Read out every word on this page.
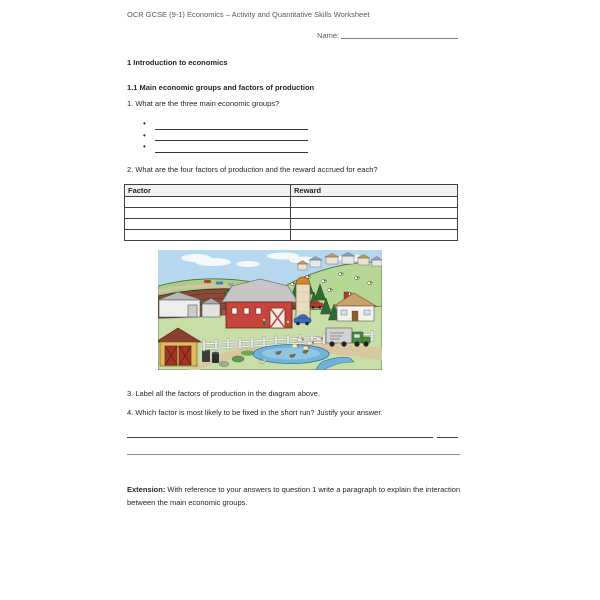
OCR GCSE (9-1) Economics – Activity and Quantitative Skills Worksheet
Name:
1 Introduction to economics
1.1 Main economic groups and factors of production
1. What are the three main economic groups?
•
•
•
2. What are the four factors of production and the reward accrued for each?
Factor	Reward
3. Label all the factors of production in the diagram above.
4. Which factor is most likely to be fixed in the short run? Justify your answer.
Extension: With reference to your answers to question 1 write a paragraph to explain the interaction between the main economic groups.
